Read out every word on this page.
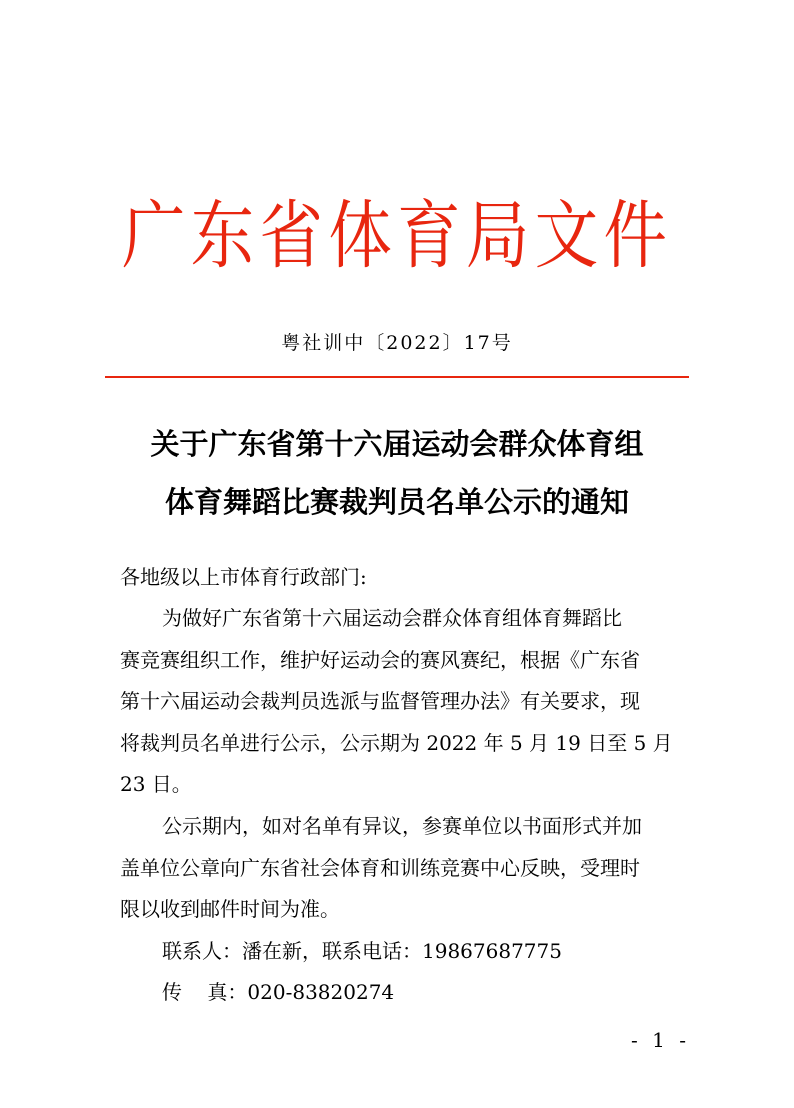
广东省体育局文件
粤社训中〔2022〕17号
关于广东省第十六届运动会群众体育组
体育舞蹈比赛裁判员名单公示的通知
各地级以上市体育行政部门:
为做好广东省第十六届运动会群众体育组体育舞蹈比
赛竞赛组织工作，维护好运动会的赛风赛纪，根据《广东省
第十六届运动会裁判员选派与监督管理办法》有关要求，现
将裁判员名单进行公示，公示期为 2022 年 5 月 19 日至 5 月
23 日。
公示期内，如对名单有异议，参赛单位以书面形式并加
盖单位公章向广东省社会体育和训练竞赛中心反映，受理时
限以收到邮件时间为准。
联系人：潘在新，联系电话：19867687775
传    真：020-83820274
- 1 -
